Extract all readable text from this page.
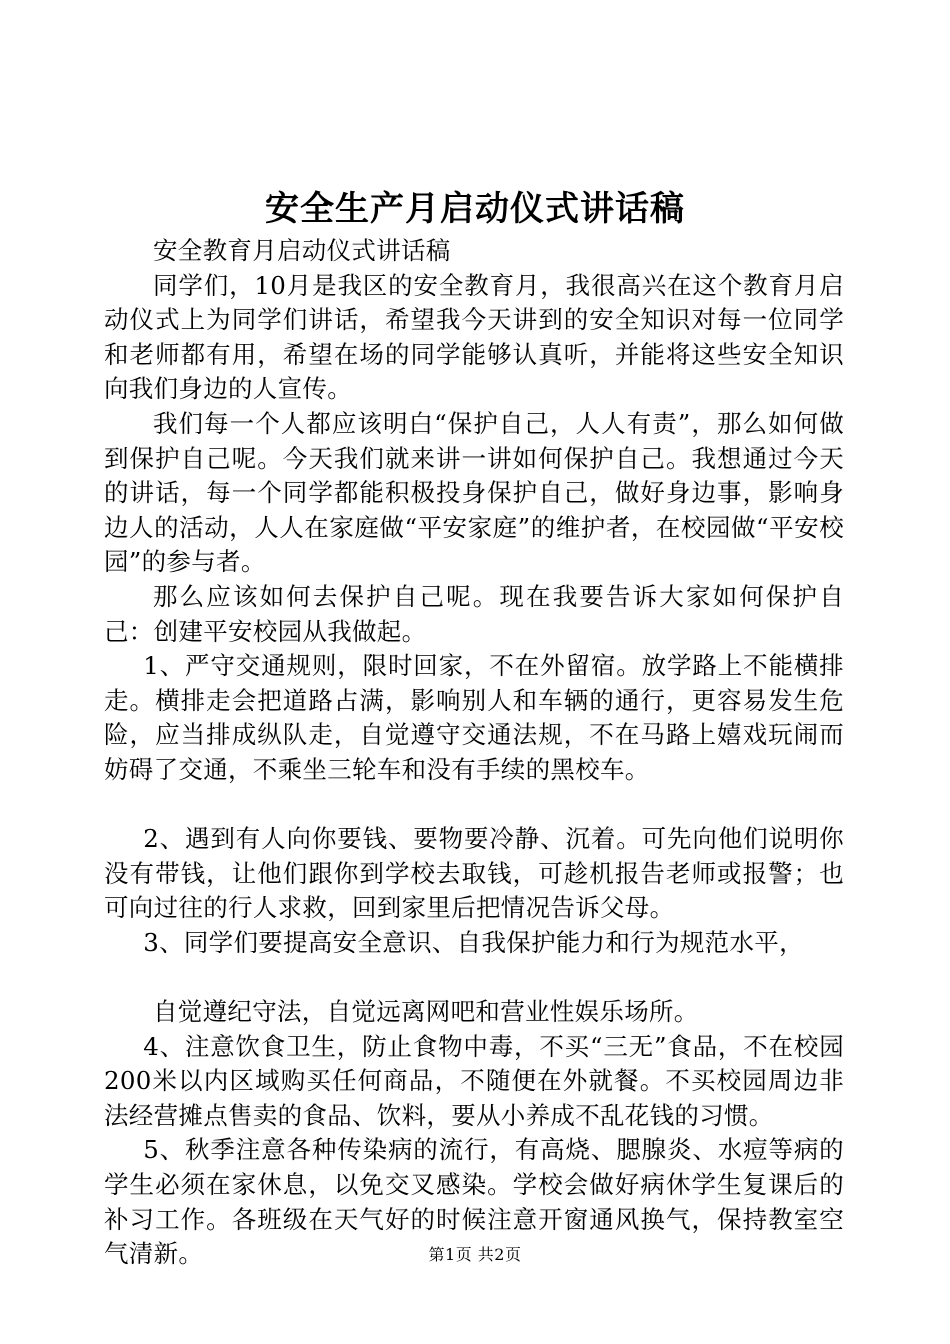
安全生产月启动仪式讲话稿

安全教育月启动仪式讲话稿

同学们，10月是我区的安全教育月，我很高兴在这个教育月启动仪式上为同学们讲话，希望我今天讲到的安全知识对每一位同学和老师都有用，希望在场的同学能够认真听，并能将这些安全知识向我们身边的人宣传。

我们每一个人都应该明白“保护自己，人人有责”，那么如何做到保护自己呢。今天我们就来讲一讲如何保护自己。我想通过今天的讲话，每一个同学都能积极投身保护自己，做好身边事，影响身边人的活动，人人在家庭做“平安家庭”的维护者，在校园做“平安校园”的参与者。

那么应该如何去保护自己呢。现在我要告诉大家如何保护自己：创建平安校园从我做起。

1、严守交通规则，限时回家，不在外留宿。放学路上不能横排走。横排走会把道路占满，影响别人和车辆的通行，更容易发生危险，应当排成纵队走，自觉遵守交通法规，不在马路上嬉戏玩闹而妨碍了交通，不乘坐三轮车和没有手续的黑校车。

2、遇到有人向你要钱、要物要冷静、沉着。可先向他们说明你没有带钱，让他们跟你到学校去取钱，可趁机报告老师或报警；也可向过往的行人求救，回到家里后把情况告诉父母。

3、同学们要提高安全意识、自我保护能力和行为规范水平，

自觉遵纪守法，自觉远离网吧和营业性娱乐场所。

4、注意饮食卫生，防止食物中毒，不买“三无”食品，不在校园200米以内区域购买任何商品，不随便在外就餐。不买校园周边非法经营摊点售卖的食品、饮料，要从小养成不乱花钱的习惯。

5、秋季注意各种传染病的流行，有高烧、腮腺炎、水痘等病的学生必须在家休息，以免交叉感染。学校会做好病休学生复课后的补习工作。各班级在天气好的时候注意开窗通风换气，保持教室空气清新。	第1页 共2页
